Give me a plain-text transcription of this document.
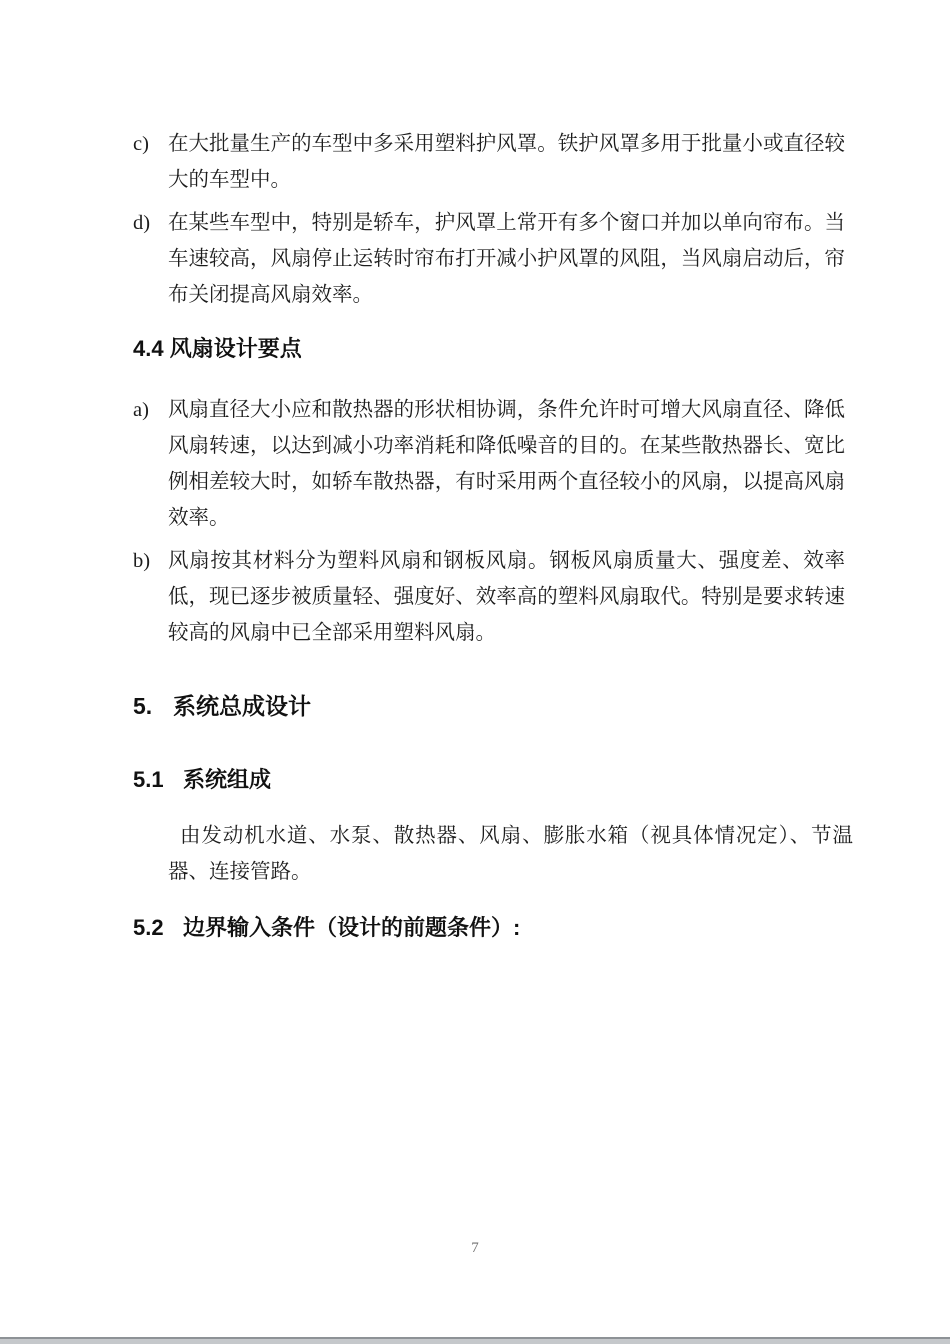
c) 在大批量生产的车型中多采用塑料护风罩。铁护风罩多用于批量小或直径较大的车型中。
d) 在某些车型中，特别是轿车，护风罩上常开有多个窗口并加以单向帘布。当车速较高，风扇停止运转时帘布打开减小护风罩的风阻，当风扇启动后，帘布关闭提高风扇效率。
4.4 风扇设计要点
a) 风扇直径大小应和散热器的形状相协调，条件允许时可增大风扇直径、降低风扇转速，以达到减小功率消耗和降低噪音的目的。在某些散热器长、宽比例相差较大时，如轿车散热器，有时采用两个直径较小的风扇，以提高风扇效率。
b) 风扇按其材料分为塑料风扇和钢板风扇。钢板风扇质量大、强度差、效率低，现已逐步被质量轻、强度好、效率高的塑料风扇取代。特别是要求转速较高的风扇中已全部采用塑料风扇。
5. 系统总成设计
5.1 系统组成
由发动机水道、水泵、散热器、风扇、膨胀水箱（视具体情况定）、节温器、连接管路。
5.2 边界输入条件（设计的前题条件）:
7
